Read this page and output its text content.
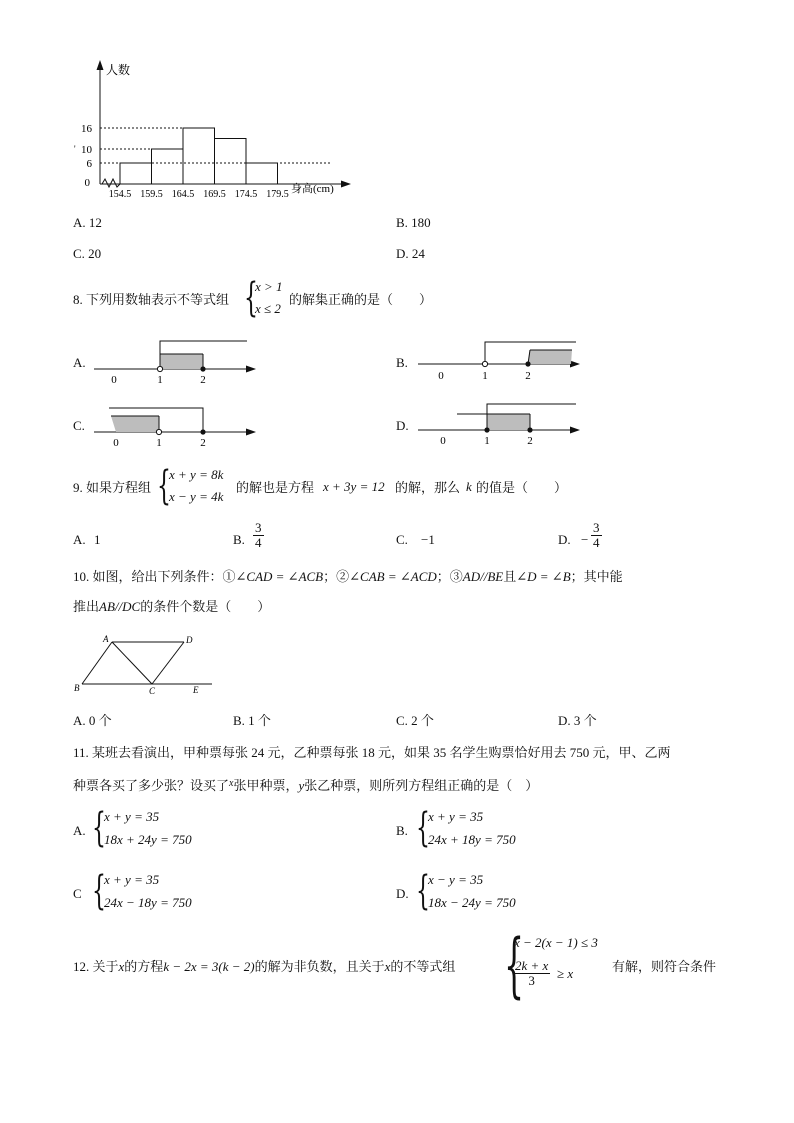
16
10
6
0
154.5 159.5 164.5 169.5 174.5 179.5
人数
身高(cm)
'
A. 12	B. 180
C. 20	D. 24
8. 下列用数轴表示不等式组 {
x > 1
x ≤ 2
的解集正确的是（　　）
A.	B.
C.	D.
0	1	2	0	1	2
0	1	2	0	1	2
9. 如果方程组 {
x + y = 8k
x − y = 4k
的解也是方程 x + 3y = 12 的解，那么 k 的值是（　　）
A. 1	B. $\frac{3}{4}$	C. −1	D. − $\frac{3}{4}$
10. 如图，给出下列条件：①∠CAD = ∠ACB；②∠CAB = ∠ACD；③AD//BE且∠D = ∠B；其中能
推出AB//DC的条件个数是（　　）
A	D
B	C	E
A. 0 个	B. 1 个	C. 2 个	D. 3 个
11. 某班去看演出，甲种票每张 24 元，乙种票每张 18 元，如果 35 名学生购票恰好用去 750 元，甲、乙两
种票各买了多少张？设买了$^x$张甲种票，y张乙种票，则所列方程组正确的是（　）
A. {
x + y = 35
18x + 24y = 750
B. {
x + y = 35
24x + 18y = 750
C {
x + y = 35
24x − 18y = 750
D. {
x − y = 35
18x − 24y = 750
12. 关于x的方程k − 2x = 3(k − 2)的解为非负数，且关于x的不等式组 {
x − 2(x − 1) ≤ 3
$\frac{2k + x}{3} \ge x$	有解，则符合条件
